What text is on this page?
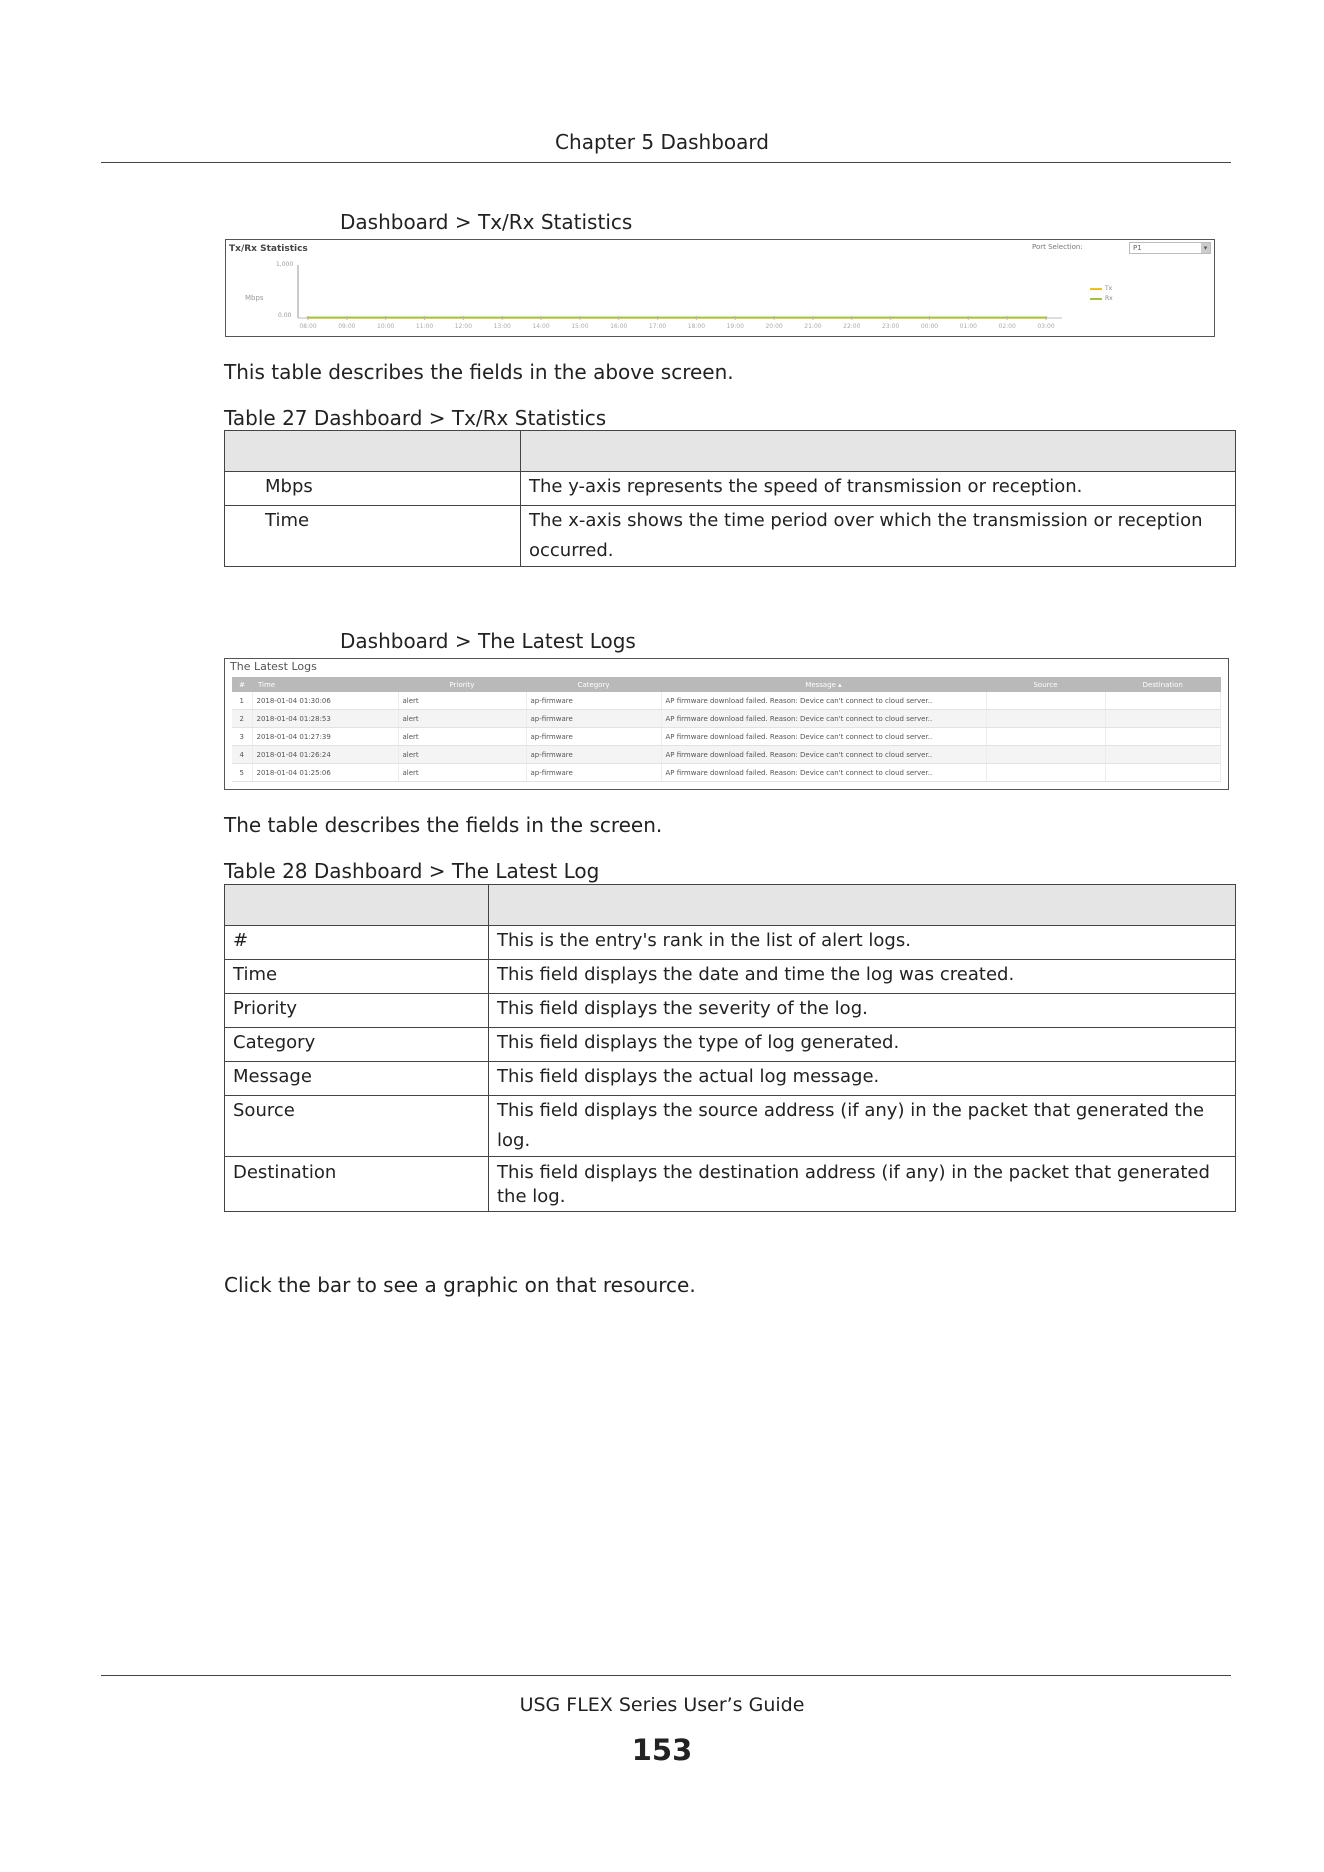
Chapter 5 Dashboard
Dashboard > Tx/Rx Statistics
Tx/Rx Statistics	Port Selection:	P1	▾
Mbps
1,000
0.00
Tx
Rx
08:00	09:00	10:00	11:00	12:00	13:00	14:00	15:00	16:00	17:00	18:00	19:00	20:00	21:00	22:00	23:00	00:00	01:00	02:00	03:00
This table describes the fields in the above screen.
Table 27 Dashboard > Tx/Rx Statistics

Mbps	The y-axis represents the speed of transmission or reception.
Time	The x-axis shows the time period over which the transmission or reception occurred.
Dashboard > The Latest Logs
The Latest Logs
#	Time	Priority	Category	Message ▴	Source	Destination
1	2018-01-04 01:30:06	alert	ap-firmware	AP firmware download failed. Reason: Device can't connect to cloud server..		
2	2018-01-04 01:28:53	alert	ap-firmware	AP firmware download failed. Reason: Device can't connect to cloud server..		
3	2018-01-04 01:27:39	alert	ap-firmware	AP firmware download failed. Reason: Device can't connect to cloud server..		
4	2018-01-04 01:26:24	alert	ap-firmware	AP firmware download failed. Reason: Device can't connect to cloud server..		
5	2018-01-04 01:25:06	alert	ap-firmware	AP firmware download failed. Reason: Device can't connect to cloud server..		
The table describes the fields in the screen.
Table 28 Dashboard > The Latest Log

#	This is the entry's rank in the list of alert logs.
Time	This field displays the date and time the log was created.
Priority	This field displays the severity of the log.
Category	This field displays the type of log generated.
Message	This field displays the actual log message.
Source	This field displays the source address (if any) in the packet that generated the log.
Destination	This field displays the destination address (if any) in the packet that generated the log.
Click the bar to see a graphic on that resource.
USG FLEX Series User’s Guide
153
